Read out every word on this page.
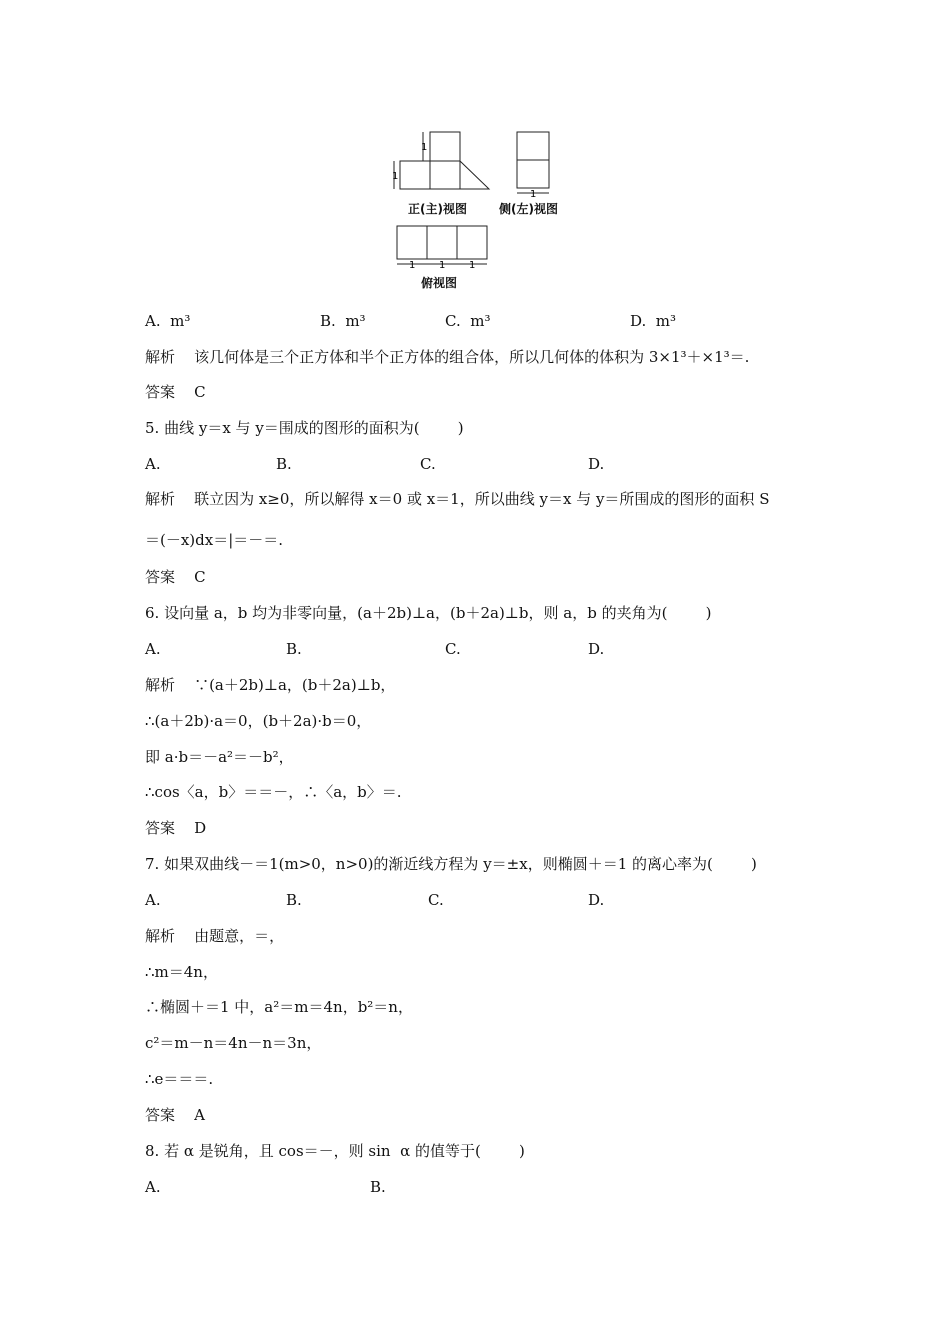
1
1
1
1 1 1
正(主)视图	侧(左)视图
俯视图
A.  m³	B.  m³	C.  m³	D.  m³
解析    该几何体是三个正方体和半个正方体的组合体，所以几何体的体积为 3×1³＋×1³＝.
答案    C
5. 曲线 y＝x 与 y＝围成的图形的面积为(        )
A.	B.	C.	D.
解析    联立因为 x≥0，所以解得 x＝0 或 x＝1，所以曲线 y＝x 与 y＝所围成的图形的面积 S
＝(－x)dx＝|＝－＝.
答案    C
6. 设向量 a，b 均为非零向量，(a＋2b)⊥a，(b＋2a)⊥b，则 a，b 的夹角为(        )
A.	B.	C.	D.
解析    ∵(a＋2b)⊥a，(b＋2a)⊥b，
∴(a＋2b)·a＝0，(b＋2a)·b＝0，
即 a·b＝－a²＝－b²，
∴cos〈a，b〉＝＝－，∴〈a，b〉＝.
答案    D
7. 如果双曲线－＝1(m>0，n>0)的渐近线方程为 y＝±x，则椭圆＋＝1 的离心率为(        )
A.	B.	C.	D.
解析    由题意，＝，
∴m＝4n，
∴椭圆＋＝1 中，a²＝m＝4n，b²＝n，
c²＝m－n＝4n－n＝3n，
∴e＝＝＝.
答案    A
8. 若 α 是锐角，且 cos＝－，则 sin  α 的值等于(        )
A.	B.
